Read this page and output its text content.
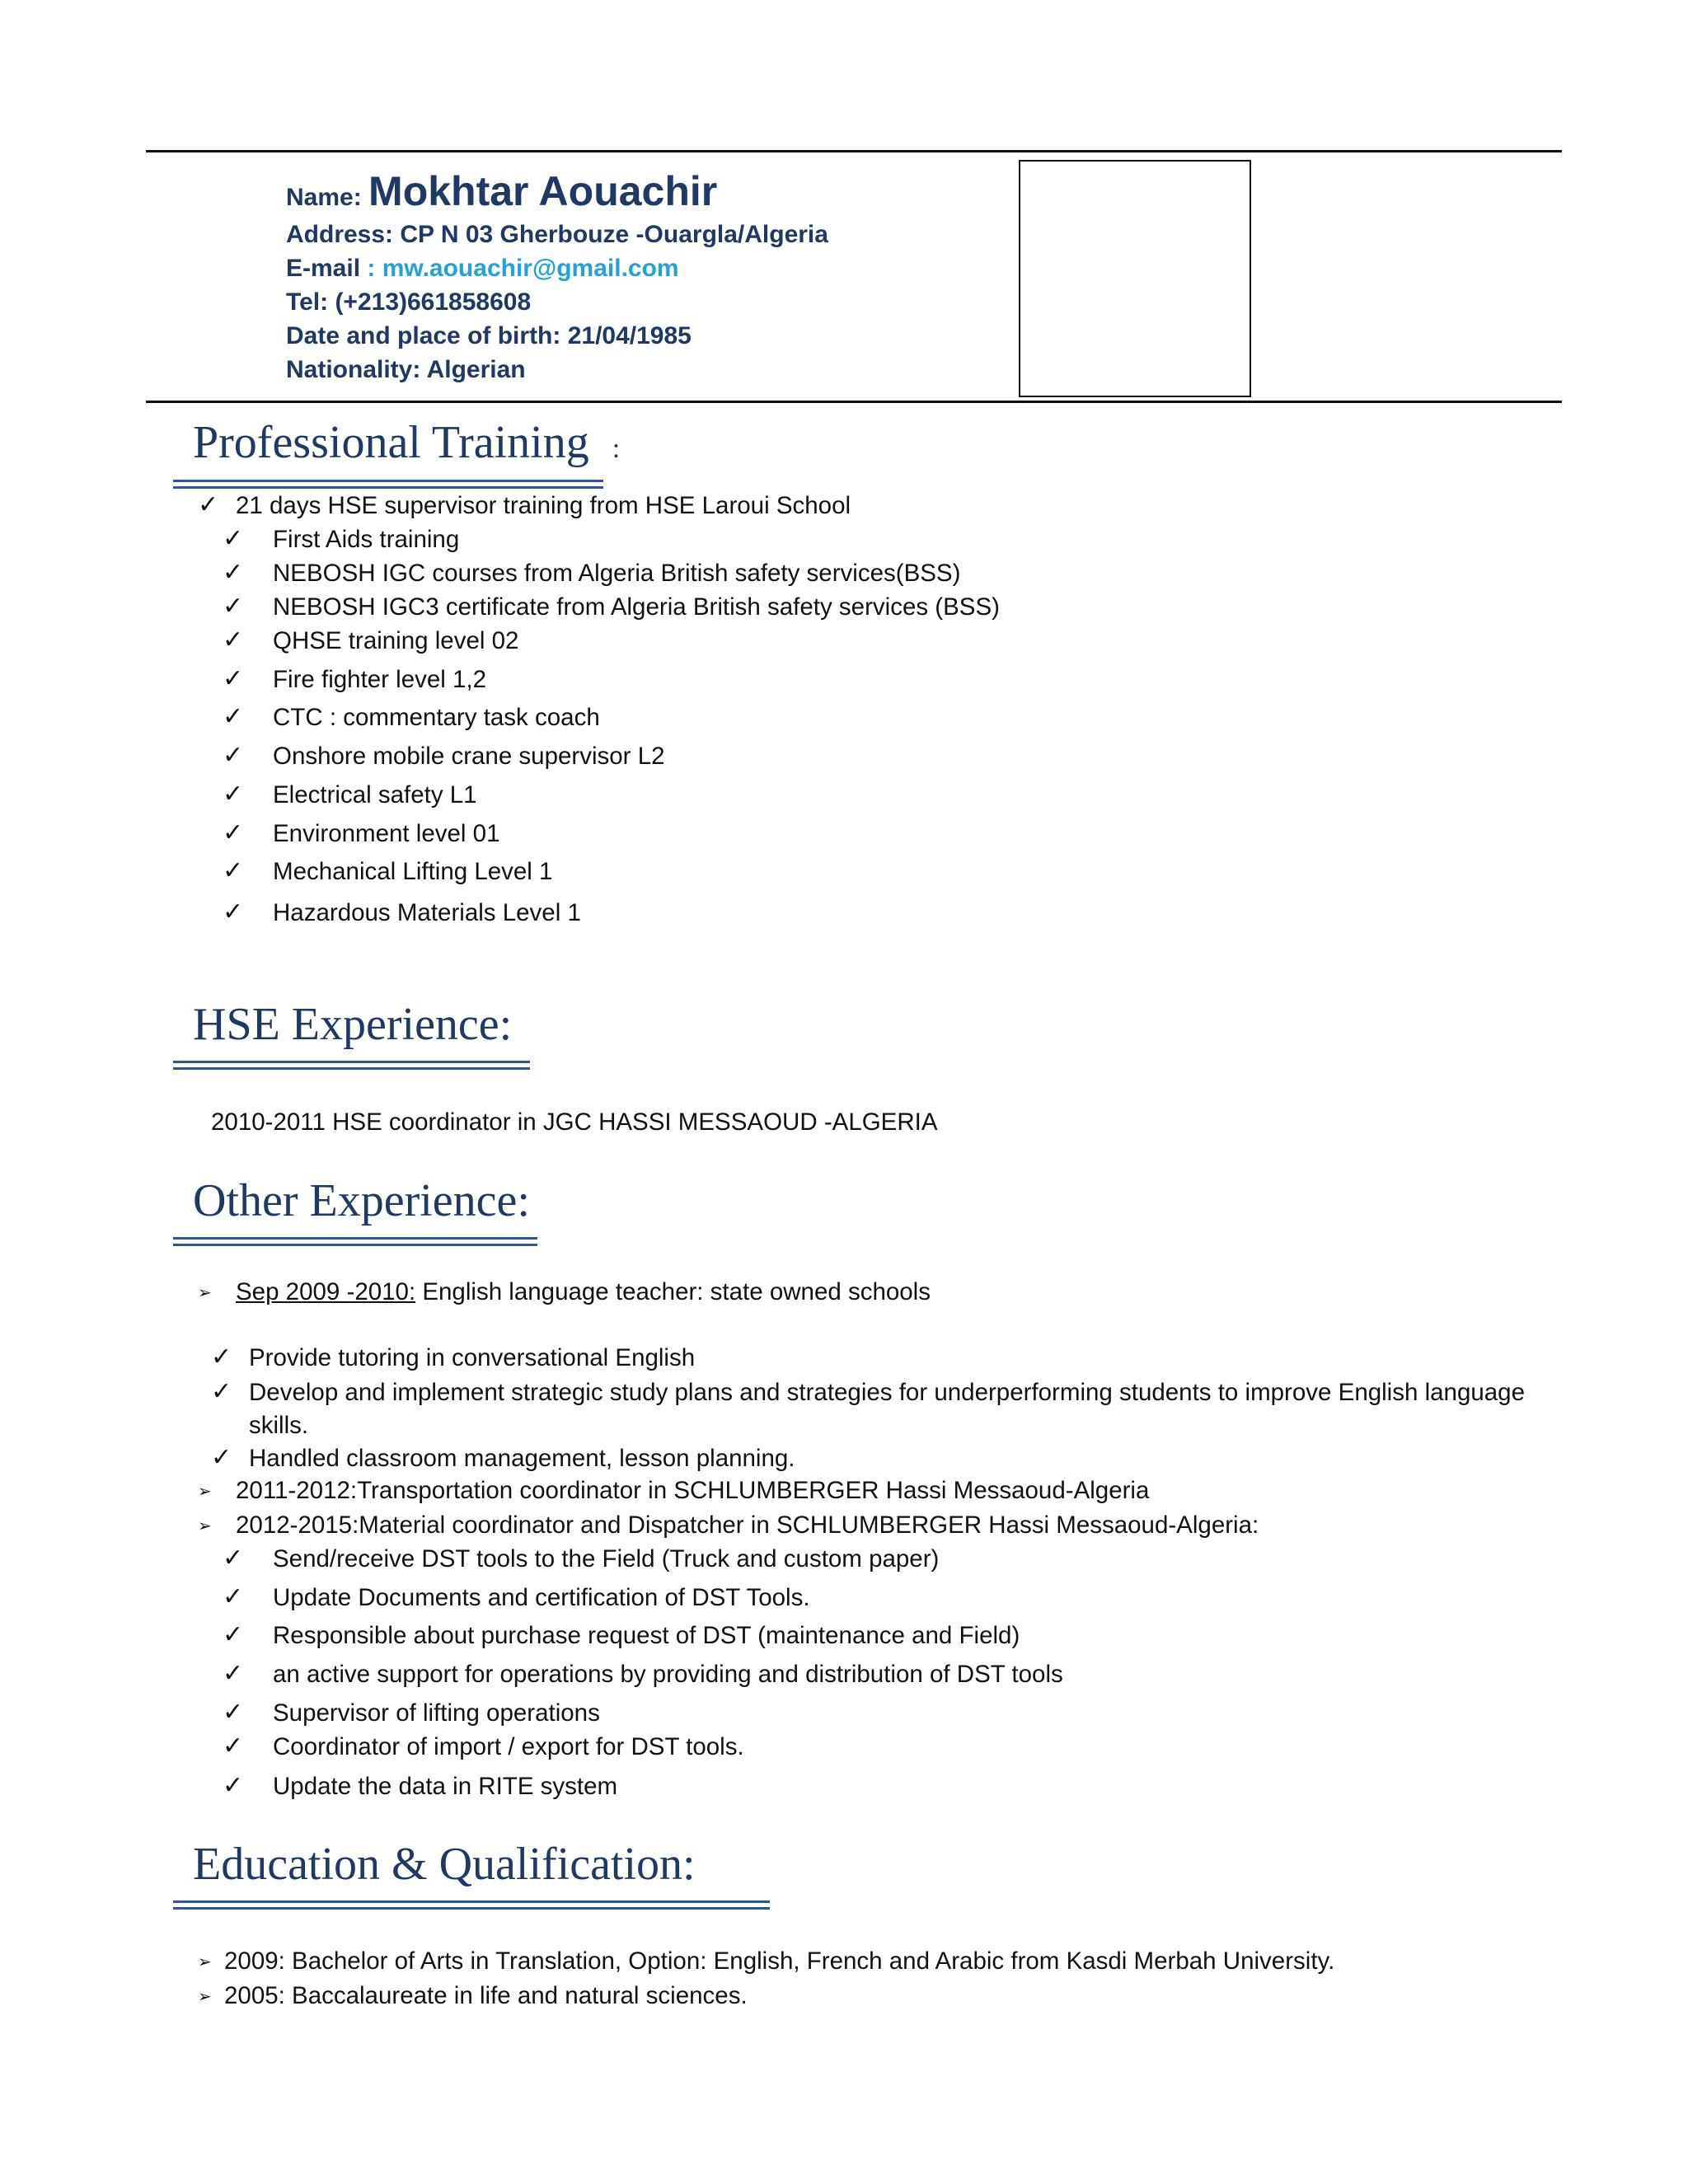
Name: Mokhtar Aouachir
Address: CP N 03 Gherbouze -Ouargla/Algeria
E-mail : mw.aouachir@gmail.com
Tel: (+213)661858608
Date and place of birth: 21/04/1985
Nationality: Algerian
Professional Training :
✓ 21 days HSE supervisor training from HSE Laroui School
✓ First Aids training
✓ NEBOSH IGC courses from Algeria British safety services(BSS)
✓ NEBOSH IGC3 certificate from Algeria British safety services (BSS)
✓ QHSE training level 02
✓ Fire fighter level 1,2
✓ CTC : commentary task coach
✓ Onshore mobile crane supervisor L2
✓ Electrical safety L1
✓ Environment level 01
✓ Mechanical Lifting Level 1
✓ Hazardous Materials Level 1
HSE Experience:
2010-2011 HSE coordinator in JGC HASSI MESSAOUD -ALGERIA
Other Experience:
➢ Sep 2009 -2010: English language teacher: state owned schools
✓ Provide tutoring in conversational English
✓ Develop and implement strategic study plans and strategies for underperforming students to improve English language
skills.
✓ Handled classroom management, lesson planning.
➢ 2011-2012:Transportation coordinator in SCHLUMBERGER Hassi Messaoud-Algeria
➢ 2012-2015:Material coordinator and Dispatcher in SCHLUMBERGER Hassi Messaoud-Algeria:
✓ Send/receive DST tools to the Field (Truck and custom paper)
✓ Update Documents and certification of DST Tools.
✓ Responsible about purchase request of DST (maintenance and Field)
✓ an active support for operations by providing and distribution of DST tools
✓ Supervisor of lifting operations
✓ Coordinator of import / export for DST tools.
✓ Update the data in RITE system
Education & Qualification:
➢ 2009: Bachelor of Arts in Translation, Option: English, French and Arabic from Kasdi Merbah University.
➢ 2005: Baccalaureate in life and natural sciences.
